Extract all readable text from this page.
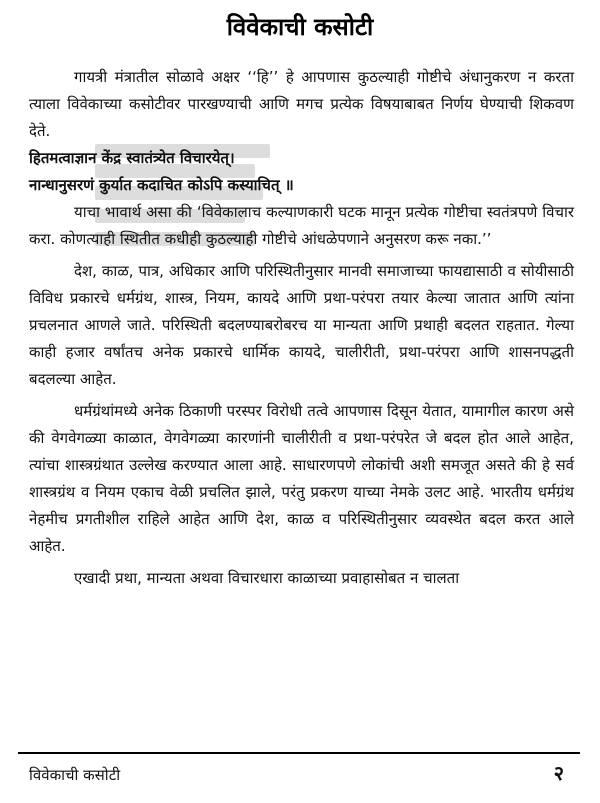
विवेकाची कसोटी

गायत्री मंत्रातील सोळावे अक्षर ‘‘हि’’ हे आपणास कुठल्याही गोष्टीचे अंधानुकरण न करता त्याला विवेकाच्या कसोटीवर पारखण्याची आणि मगच प्रत्येक विषयाबाबत निर्णय घेण्याची शिकवण देते.

हितमत्वाज्ञान केंद्र स्वातंत्र्येत विचारयेत्।
नान्धानुसरणं कुर्यात कदाचित कोऽपि कस्याचित् ॥

याचा भावार्थ असा की ‘विवेकालाच कल्याणकारी घटक मानून प्रत्येक गोष्टीचा स्वतंत्रपणे विचार करा. कोणत्याही स्थितीत कधीही कुठल्याही गोष्टीचे आंधळेपणाने अनुसरण करू नका.’’

देश, काळ, पात्र, अधिकार आणि परिस्थितीनुसार मानवी समाजाच्या फायद्यासाठी व सोयीसाठी विविध प्रकारचे धर्मग्रंथ, शास्त्र, नियम, कायदे आणि प्रथा-परंपरा तयार केल्या जातात आणि त्यांना प्रचलनात आणले जाते. परिस्थिती बदलण्याबरोबरच या मान्यता आणि प्रथाही बदलत राहतात. गेल्या काही हजार वर्षांतच अनेक प्रकारचे धार्मिक कायदे, चालीरीती, प्रथा-परंपरा आणि शासनपद्धती बदलल्या आहेत.

धर्मग्रंथांमध्ये अनेक ठिकाणी परस्पर विरोधी तत्वे आपणास दिसून येतात, यामागील कारण असे की वेगवेगळ्या काळात, वेगवेगळ्या कारणांनी चालीरीती व प्रथा-परंपरेत जे बदल होत आले आहेत, त्यांचा शास्त्रग्रंथात उल्लेख करण्यात आला आहे. साधारणपणे लोकांची अशी समजूत असते की हे सर्व शास्त्रग्रंथ व नियम एकाच वेळी प्रचलित झाले, परंतु प्रकरण याच्या नेमके उलट आहे. भारतीय धर्मग्रंथ नेहमीच प्रगतीशील राहिले आहेत आणि देश, काळ व परिस्थितीनुसार व्यवस्थेत बदल करत आले आहेत.

एखादी प्रथा, मान्यता अथवा विचारधारा काळाच्या प्रवाहासोबत न चालता

विवेकाची कसोटी	२
